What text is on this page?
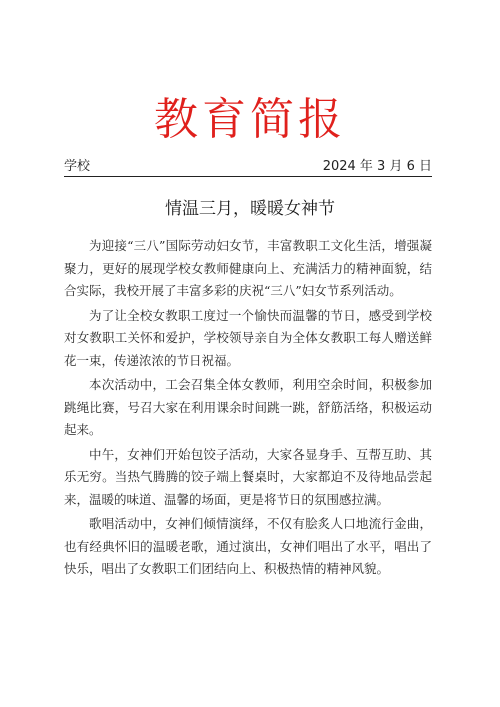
教育简报
学校	2024 年 3 月 6 日
情温三月，暖暖女神节

为迎接“三八”国际劳动妇女节，丰富教职工文化生活，增强凝聚力，更好的展现学校女教师健康向上、充满活力的精神面貌，结合实际，我校开展了丰富多彩的庆祝“三八”妇女节系列活动。

为了让全校女教职工度过一个愉快而温馨的节日，感受到学校对女教职工关怀和爱护，学校领导亲自为全体女教职工每人赠送鲜花一束，传递浓浓的节日祝福。

本次活动中，工会召集全体女教师，利用空余时间，积极参加跳绳比赛，号召大家在利用课余时间跳一跳，舒筋活络，积极运动起来。

中午，女神们开始包饺子活动，大家各显身手、互帮互助、其乐无穷。当热气腾腾的饺子端上餐桌时，大家都迫不及待地品尝起来，温暖的味道、温馨的场面，更是将节日的氛围感拉满。

歌唱活动中，女神们倾情演绎，不仅有脍炙人口地流行金曲，也有经典怀旧的温暖老歌，通过演出，女神们唱出了水平，唱出了快乐，唱出了女教职工们团结向上、积极热情的精神风貌。
